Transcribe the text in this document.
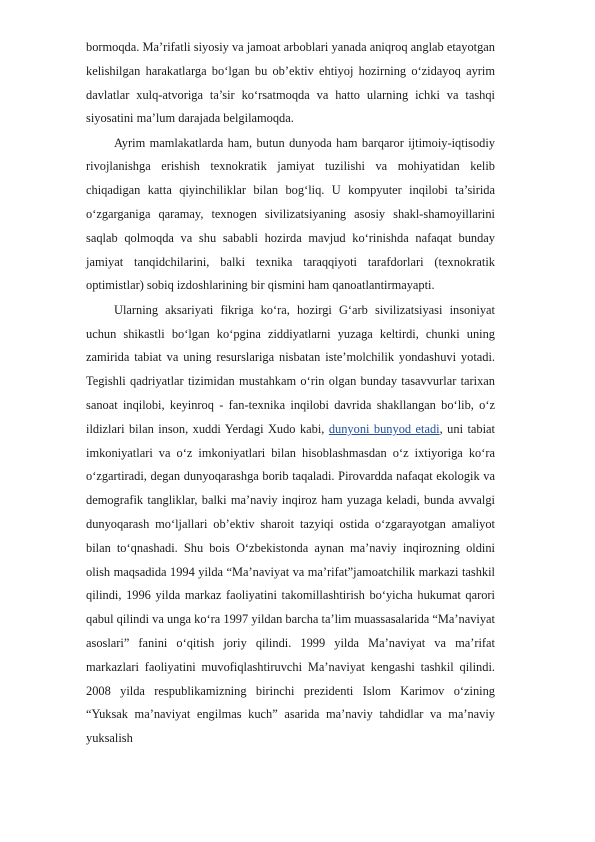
bormoqda. Ma’rifatli siyosiy va jamoat arboblari yanada aniqroq anglab etayotgan kelishilgan harakatlarga bo‘lgan bu ob’ektiv ehtiyoj hozirning o‘zidayoq ayrim davlatlar xulq-atvoriga ta’sir ko‘rsatmoqda va hatto ularning ichki va tashqi siyosatini ma’lum darajada belgilamoqda.

Ayrim mamlakatlarda ham, butun dunyoda ham barqaror ijtimoiy-iqtisodiy rivojlanishga erishish texnokratik jamiyat tuzilishi va mohiyatidan kelib chiqadigan katta qiyinchiliklar bilan bog‘liq. U kompyuter inqilobi ta’sirida o‘zgarganiga qaramay, texnogen sivilizatsiyaning asosiy shakl-shamoyillarini saqlab qolmoqda va shu sababli hozirda mavjud ko‘rinishda nafaqat bunday jamiyat tanqidchilarini, balki texnika taraqqiyoti tarafdorlari (texnokratik optimistlar) sobiq izdoshlarining bir qismini ham qanoatlantirmayapti.

Ularning aksariyati fikriga ko‘ra, hozirgi G‘arb sivilizatsiyasi insoniyat uchun shikastli bo‘lgan ko‘pgina ziddiyatlarni yuzaga keltirdi, chunki uning zamirida tabiat va uning resurslariga nisbatan iste’molchilik yondashuvi yotadi. Tegishli qadriyatlar tizimidan mustahkam o‘rin olgan bunday tasavvurlar tarixan sanoat inqilobi, keyinroq - fan-texnika inqilobi davrida shakllangan bo‘lib, o‘z ildizlari bilan inson, xuddi Yerdagi Xudo kabi, dunyoni bunyod etadi, uni tabiat imkoniyatlari va o‘z imkoniyatlari bilan hisoblashmasdan o‘z ixtiyoriga ko‘ra o‘zgartiradi, degan dunyoqarashga borib taqaladi. Pirovardda nafaqat ekologik va demografik tangliklar, balki ma’naviy inqiroz ham yuzaga keladi, bunda avvalgi dunyoqarash mo‘ljallari ob’ektiv sharoit tazyiqi ostida o‘zgarayotgan amaliyot bilan to‘qnashadi. Shu bois O‘zbekistonda aynan ma’naviy inqirozning oldini olish maqsadida 1994 yilda “Ma’naviyat va ma’rifat”jamoatchilik markazi tashkil qilindi, 1996 yilda markaz faoliyatini takomillashtirish bo‘yicha hukumat qarori qabul qilindi va unga ko‘ra 1997 yildan barcha ta’lim muassasalarida “Ma’naviyat asoslari” fanini o‘qitish joriy qilindi. 1999 yilda Ma’naviyat va ma’rifat markazlari faoliyatini muvofiqlashtiruvchi Ma’naviyat kengashi tashkil qilindi. 2008 yilda respublikamizning birinchi prezidenti Islom Karimov o‘zining “Yuksak ma’naviyat engilmas kuch” asarida ma’naviy tahdidlar va ma’naviy yuksalish
